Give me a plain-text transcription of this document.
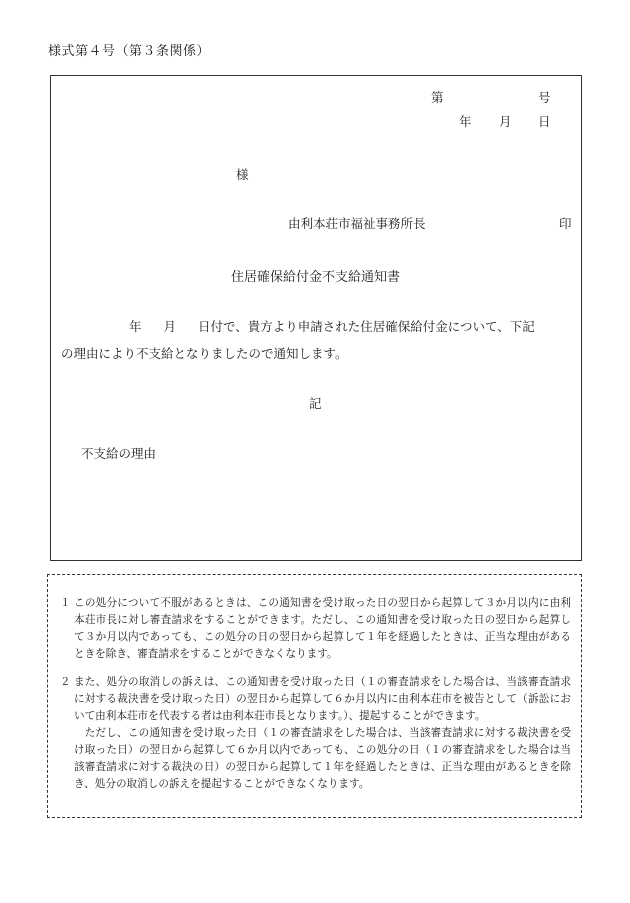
様式第４号（第３条関係）
第	号
年 月 日
様
由利本荘市福祉事務所長	印
住居確保給付金不支給通知書
年 月 日付で、貴方より申請された住居確保給付金について、下記
の理由により不支給となりましたので通知します。
記
不支給の理由
１ この処分について不服があるときは、この通知書を受け取った日の翌日から起算して３か月以内に由利本荘市長に対し審査請求をすることができます。ただし、この通知書を受け取った日の翌日から起算して３か月以内であっても、この処分の日の翌日から起算して１年を経過したときは、正当な理由があるときを除き、審査請求をすることができなくなります。

２ また、処分の取消しの訴えは、この通知書を受け取った日（１の審査請求をした場合は、当該審査請求に対する裁決書を受け取った日）の翌日から起算して６か月以内に由利本荘市を被告として（訴訟において由利本荘市を代表する者は由利本荘市長となります。）、提起することができます。

ただし、この通知書を受け取った日（１の審査請求をした場合は、当該審査請求に対する裁決書を受け取った日）の翌日から起算して６か月以内であっても、この処分の日（１の審査請求をした場合は当該審査請求に対する裁決の日）の翌日から起算して１年を経過したときは、正当な理由があるときを除き、処分の取消しの訴えを提起することができなくなります。
